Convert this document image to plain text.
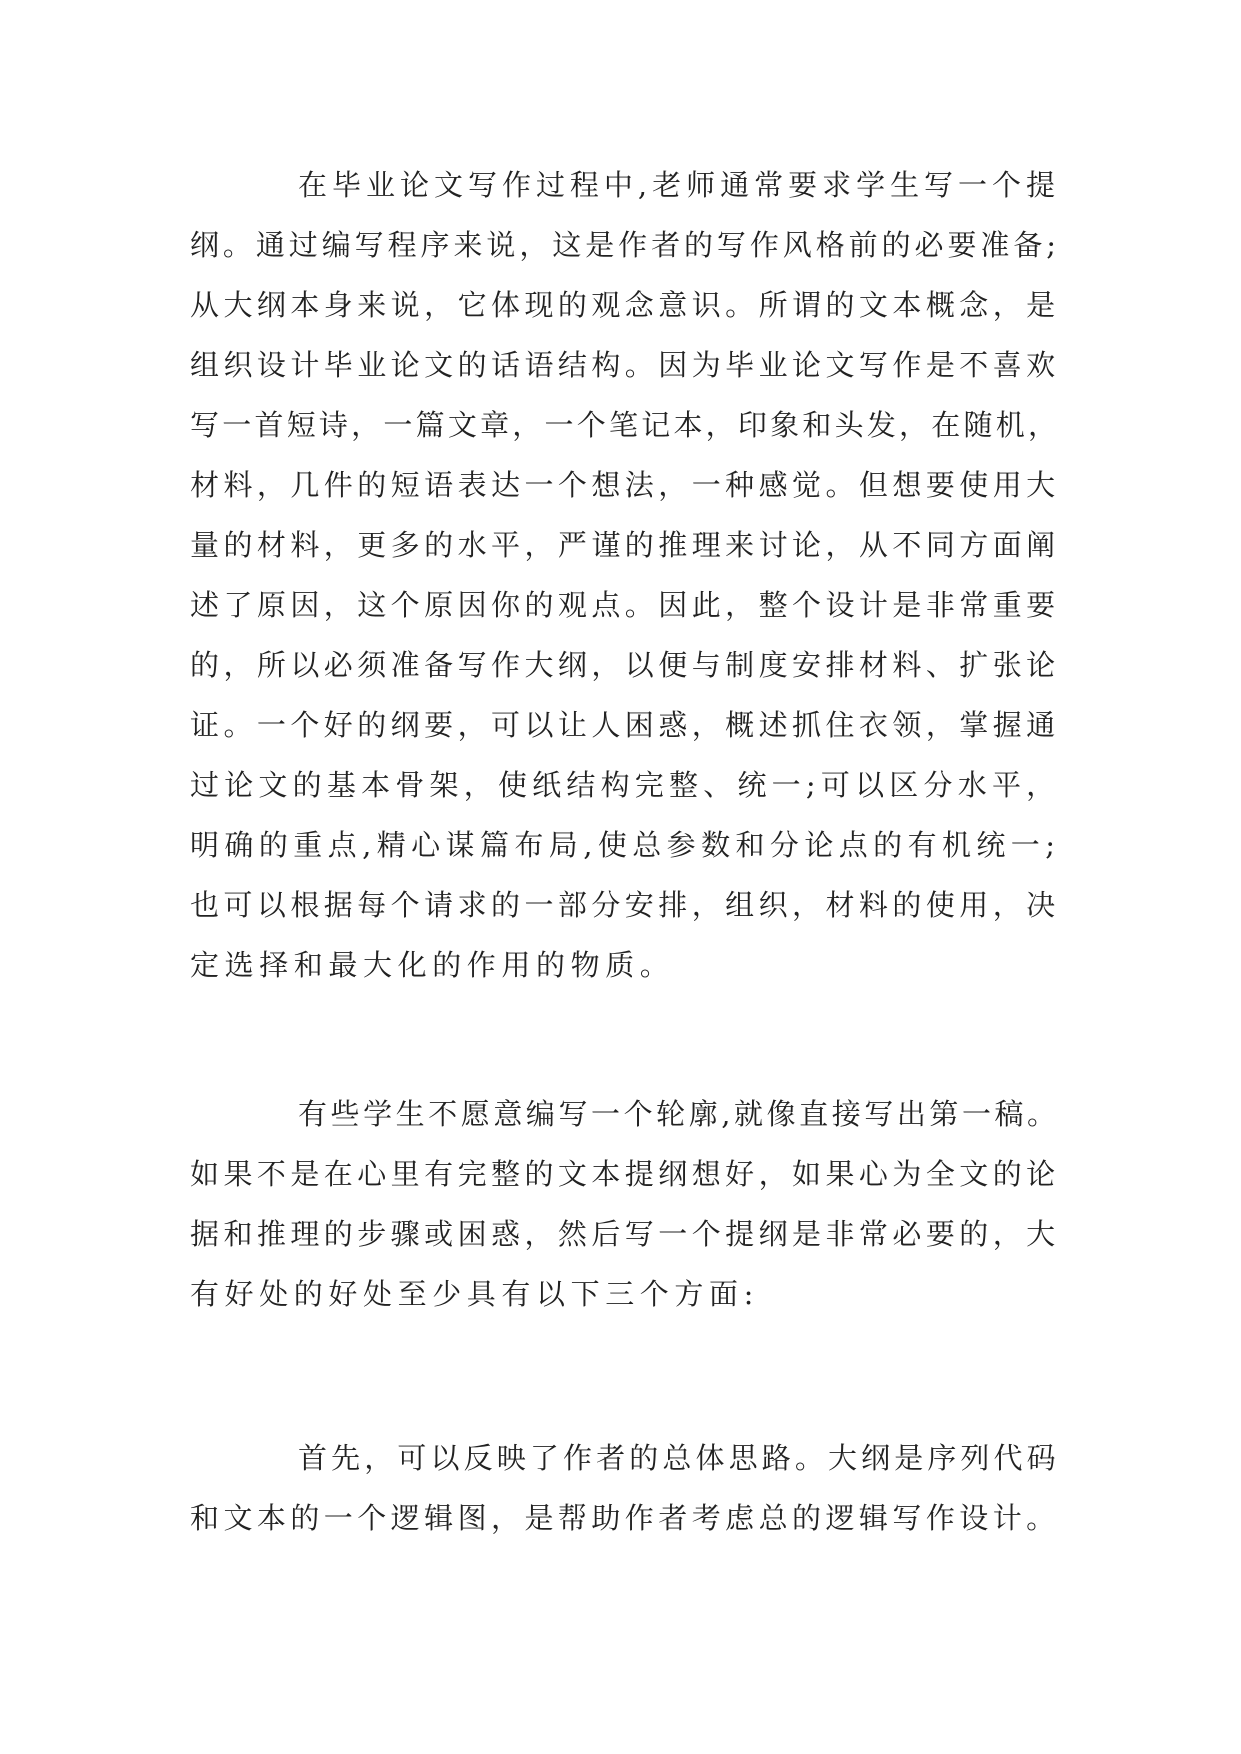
在毕业论文写作过程中,老师通常要求学生写一个提

纲。通过编写程序来说，这是作者的写作风格前的必要准备;

从大纲本身来说，它体现的观念意识。所谓的文本概念，是

组织设计毕业论文的话语结构。因为毕业论文写作是不喜欢

写一首短诗，一篇文章，一个笔记本，印象和头发，在随机，

材料，几件的短语表达一个想法，一种感觉。但想要使用大

量的材料，更多的水平，严谨的推理来讨论，从不同方面阐

述了原因，这个原因你的观点。因此，整个设计是非常重要

的，所以必须准备写作大纲，以便与制度安排材料、扩张论

证。一个好的纲要，可以让人困惑，概述抓住衣领，掌握通

过论文的基本骨架，使纸结构完整、统一;可以区分水平，

明确的重点,精心谋篇布局,使总参数和分论点的有机统一;

也可以根据每个请求的一部分安排，组织，材料的使用，决

定选择和最大化的作用的物质。

有些学生不愿意编写一个轮廓,就像直接写出第一稿。

如果不是在心里有完整的文本提纲想好，如果心为全文的论

据和推理的步骤或困惑，然后写一个提纲是非常必要的，大

有好处的好处至少具有以下三个方面:

首先，可以反映了作者的总体思路。大纲是序列代码

和文本的一个逻辑图，是帮助作者考虑总的逻辑写作设计。
